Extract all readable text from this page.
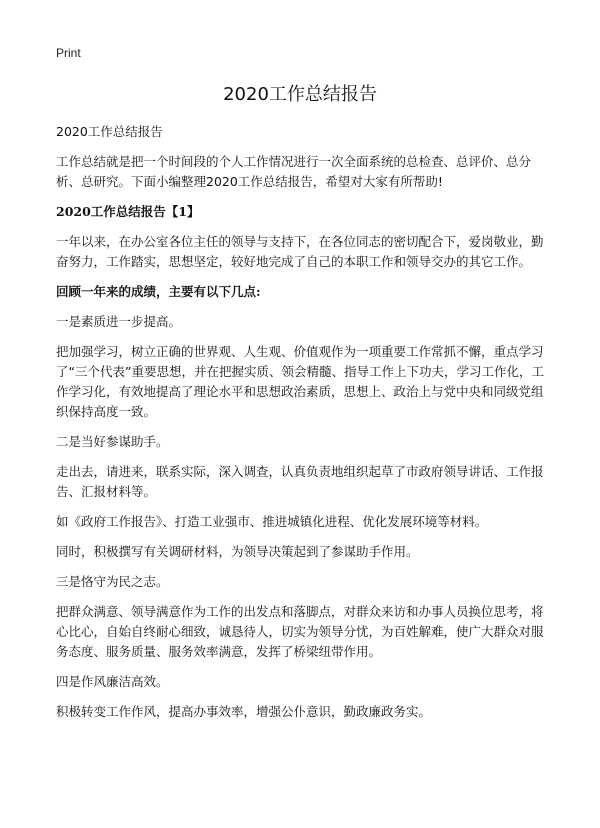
Print
2020工作总结报告

2020工作总结报告

工作总结就是把一个时间段的个人工作情况进行一次全面系统的总检查、总评价、总分析、总研究。下面小编整理2020工作总结报告，希望对大家有所帮助!

2020工作总结报告【1】

一年以来，在办公室各位主任的领导与支持下，在各位同志的密切配合下，爱岗敬业，勤奋努力，工作踏实，思想坚定，较好地完成了自己的本职工作和领导交办的其它工作。

回顾一年来的成绩，主要有以下几点:

一是素质进一步提高。

把加强学习，树立正确的世界观、人生观、价值观作为一项重要工作常抓不懈，重点学习了“三个代表”重要思想，并在把握实质、领会精髓、指导工作上下功夫，学习工作化，工作学习化，有效地提高了理论水平和思想政治素质，思想上、政治上与党中央和同级党组织保持高度一致。

二是当好参谋助手。

走出去，请进来，联系实际，深入调查，认真负责地组织起草了市政府领导讲话、工作报告、汇报材料等。

如《政府工作报告》、打造工业强市、推进城镇化进程、优化发展环境等材料。

同时，积极撰写有关调研材料，为领导决策起到了参谋助手作用。

三是恪守为民之志。

把群众满意、领导满意作为工作的出发点和落脚点，对群众来访和办事人员换位思考，将心比心，自始自终耐心细致，诚恳待人，切实为领导分忧，为百姓解难，使广大群众对服务态度、服务质量、服务效率满意，发挥了桥梁纽带作用。

四是作风廉洁高效。

积极转变工作作风，提高办事效率，增强公仆意识，勤政廉政务实。
